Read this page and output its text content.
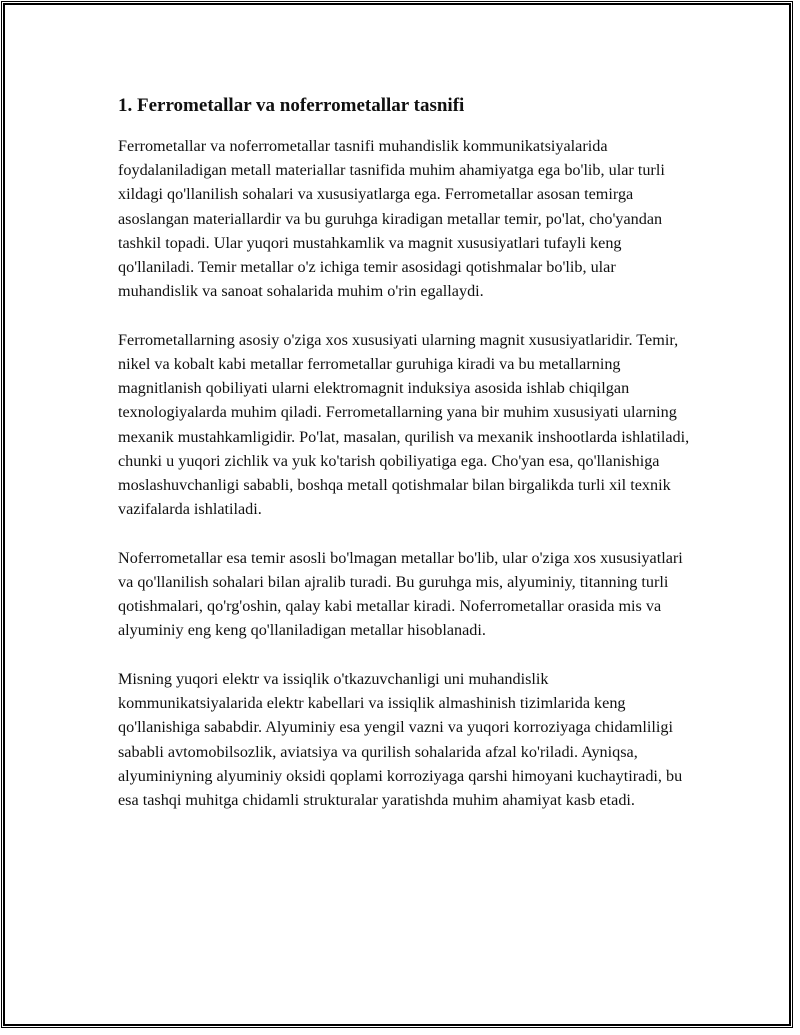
1. Ferrometallar va noferrometallar tasnifi

Ferrometallar va noferrometallar tasnifi muhandislik kommunikatsiyalarida foydalaniladigan metall materiallar tasnifida muhim ahamiyatga ega bo'lib, ular turli xildagi qo'llanilish sohalari va xususiyatlarga ega. Ferrometallar asosan temirga asoslangan materiallardir va bu guruhga kiradigan metallar temir, po'lat, cho'yandan tashkil topadi. Ular yuqori mustahkamlik va magnit xususiyatlari tufayli keng qo'llaniladi. Temir metallar o'z ichiga temir asosidagi qotishmalar bo'lib, ular muhandislik va sanoat sohalarida muhim o'rin egallaydi.

Ferrometallarning asosiy o'ziga xos xususiyati ularning magnit xususiyatlaridir. Temir, nikel va kobalt kabi metallar ferrometallar guruhiga kiradi va bu metallarning magnitlanish qobiliyati ularni elektromagnit induksiya asosida ishlab chiqilgan texnologiyalarda muhim qiladi. Ferrometallarning yana bir muhim xususiyati ularning mexanik mustahkamligidir. Po'lat, masalan, qurilish va mexanik inshootlarda ishlatiladi, chunki u yuqori zichlik va yuk ko'tarish qobiliyatiga ega. Cho'yan esa, qo'llanishiga moslashuvchanligi sababli, boshqa metall qotishmalar bilan birgalikda turli xil texnik vazifalarda ishlatiladi.

Noferrometallar esa temir asosli bo'lmagan metallar bo'lib, ular o'ziga xos xususiyatlari va qo'llanilish sohalari bilan ajralib turadi. Bu guruhga mis, alyuminiy, titanning turli qotishmalari, qo'rg'oshin, qalay kabi metallar kiradi. Noferrometallar orasida mis va alyuminiy eng keng qo'llaniladigan metallar hisoblanadi.

Misning yuqori elektr va issiqlik o'tkazuvchanligi uni muhandislik kommunikatsiyalarida elektr kabellari va issiqlik almashinish tizimlarida keng qo'llanishiga sababdir. Alyuminiy esa yengil vazni va yuqori korroziyaga chidamliligi sababli avtomobilsozlik, aviatsiya va qurilish sohalarida afzal ko'riladi. Ayniqsa, alyuminiyning alyuminiy oksidi qoplami korroziyaga qarshi himoyani kuchaytiradi, bu esa tashqi muhitga chidamli strukturalar yaratishda muhim ahamiyat kasb etadi.
